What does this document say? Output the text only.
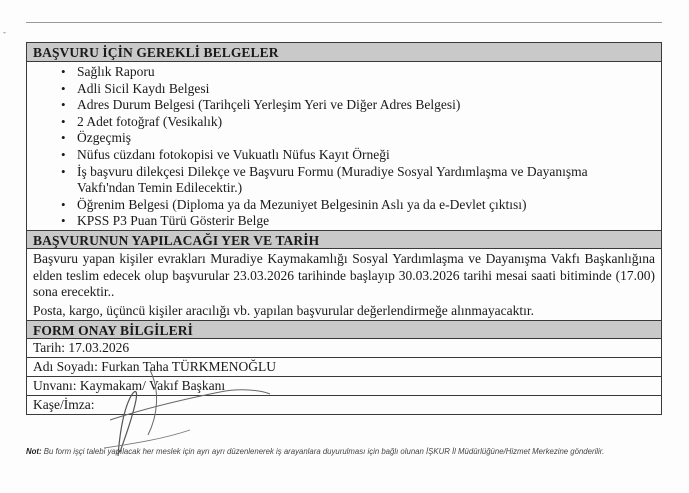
-
BAŞVURU İÇİN GEREKLİ BELGELER
• Sağlık Raporu
• Adli Sicil Kaydı Belgesi
• Adres Durum Belgesi (Tarihçeli Yerleşim Yeri ve Diğer Adres Belgesi)
• 2 Adet fotoğraf (Vesikalık)
• Özgeçmiş
• Nüfus cüzdanı fotokopisi ve Vukuatlı Nüfus Kayıt Örneği
• İş başvuru dilekçesi Dilekçe ve Başvuru Formu (Muradiye Sosyal Yardımlaşma ve Dayanışma Vakfı'ndan Temin Edilecektir.)
• Öğrenim Belgesi (Diploma ya da Mezuniyet Belgesinin Aslı ya da e-Devlet çıktısı)
• KPSS P3 Puan Türü Gösterir Belge
BAŞVURUNUN YAPILACAĞI YER VE TARİH
Başvuru yapan kişiler evrakları Muradiye Kaymakamlığı Sosyal Yardımlaşma ve Dayanışma Vakfı Başkanlığına elden teslim edecek olup başvurular 23.03.2026 tarihinde başlayıp 30.03.2026 tarihi mesai saati bitiminde (17.00) sona erecektir..
Posta, kargo, üçüncü kişiler aracılığı vb. yapılan başvurular değerlendirmeğe alınmayacaktır.
FORM ONAY BİLGİLERİ
Tarih: 17.03.2026
Adı Soyadı: Furkan Taha TÜRKMENOĞLU
Unvanı: Kaymakam/ Vakıf Başkanı
Kaşe/İmza:
Not: Bu form işçi talebi yapılacak her meslek için ayrı ayrı düzenlenerek iş arayanlara duyurulması için bağlı olunan İŞKUR İl Müdürlüğüne/Hizmet Merkezine gönderilir.
